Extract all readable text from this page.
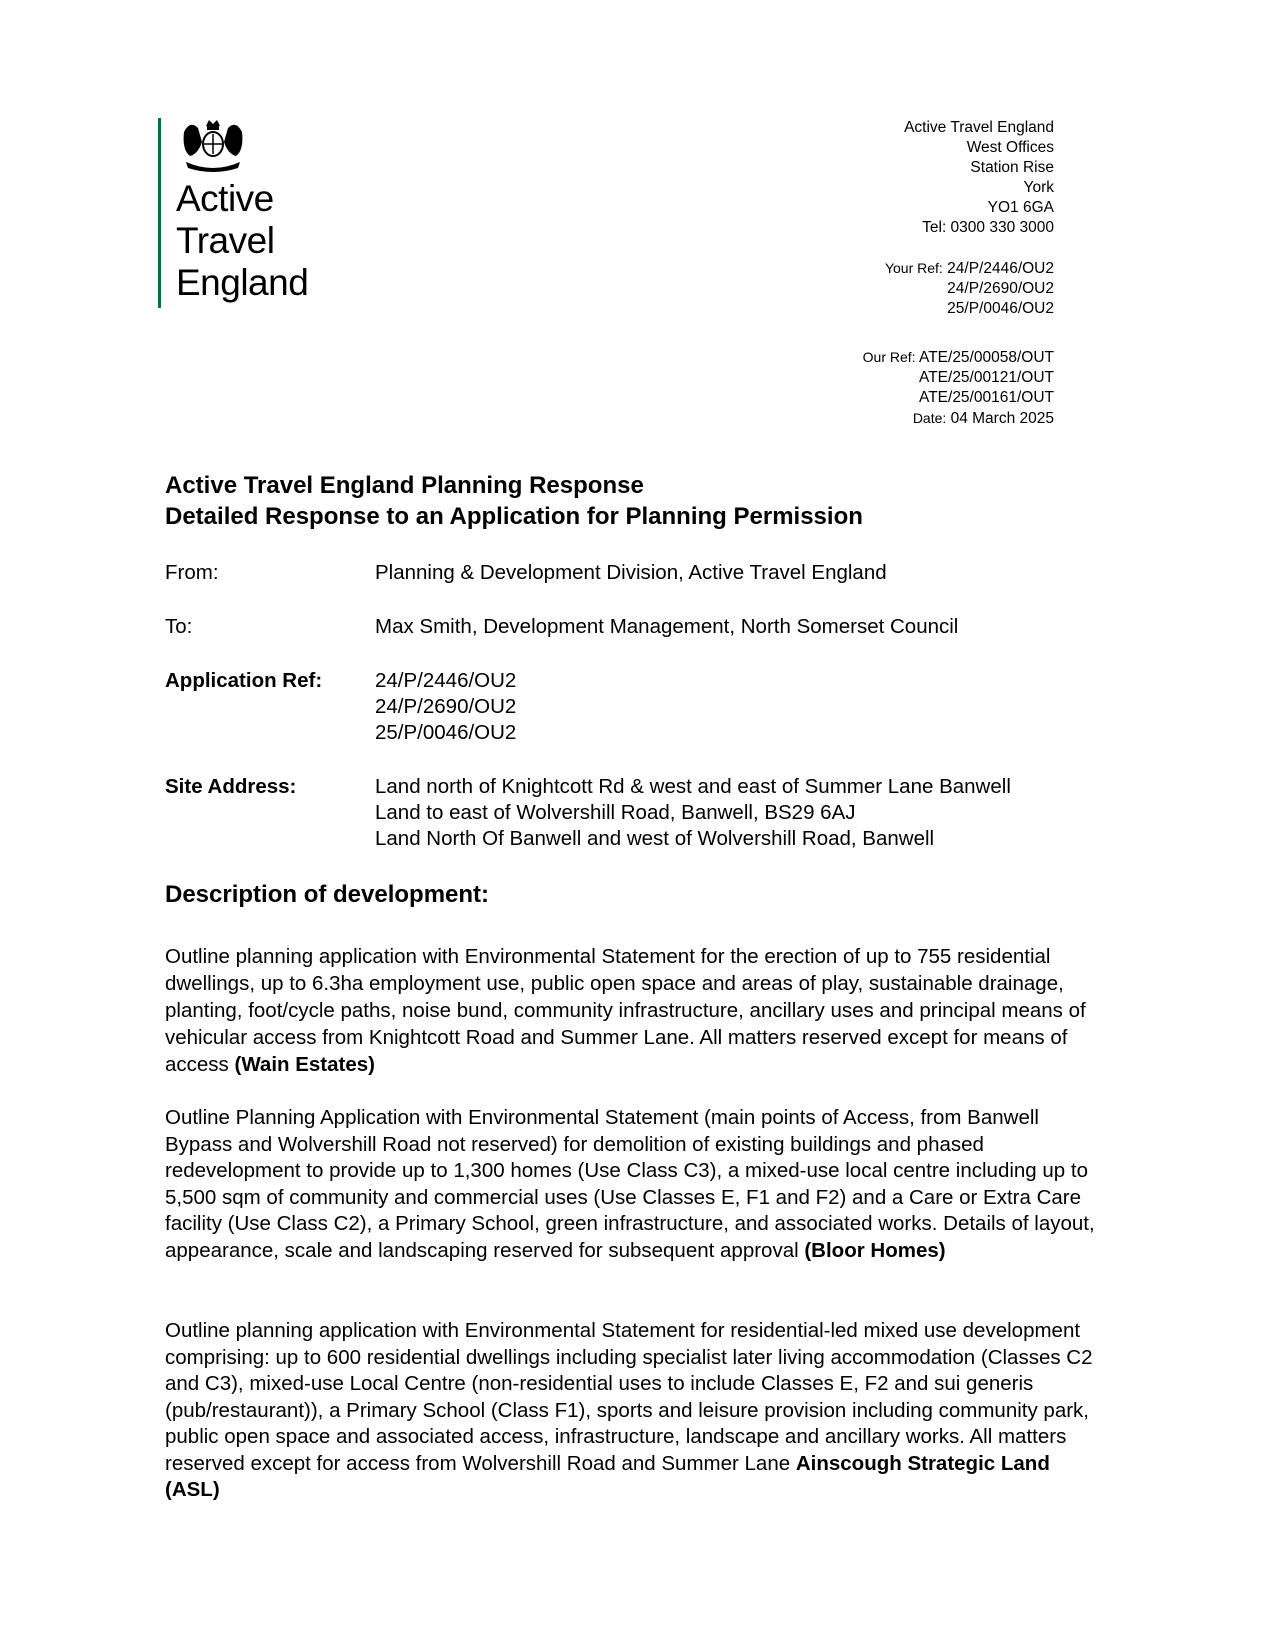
Active
Travel
England
Active Travel England
West Offices
Station Rise
York
YO1 6GA
Tel: 0300 330 3000
Your Ref: 24/P/2446/OU2
24/P/2690/OU2
25/P/0046/OU2
Our Ref: ATE/25/00058/OUT
ATE/25/00121/OUT
ATE/25/00161/OUT
Date: 04 March 2025
Active Travel England Planning Response
Detailed Response to an Application for Planning Permission
From:	Planning & Development Division, Active Travel England
To:	Max Smith, Development Management, North Somerset Council
Application Ref:	24/P/2446/OU2
24/P/2690/OU2
25/P/0046/OU2
Site Address:	Land north of Knightcott Rd & west and east of Summer Lane Banwell
Land to east of Wolvershill Road, Banwell, BS29 6AJ
Land North Of Banwell and west of Wolvershill Road, Banwell
Description of development:
Outline planning application with Environmental Statement for the erection of up to 755 residential dwellings, up to 6.3ha employment use, public open space and areas of play, sustainable drainage, planting, foot/cycle paths, noise bund, community infrastructure, ancillary uses and principal means of vehicular access from Knightcott Road and Summer Lane. All matters reserved except for means of access (Wain Estates)
Outline Planning Application with Environmental Statement (main points of Access, from Banwell Bypass and Wolvershill Road not reserved) for demolition of existing buildings and phased redevelopment to provide up to 1,300 homes (Use Class C3), a mixed-use local centre including up to 5,500 sqm of community and commercial uses (Use Classes E, F1 and F2) and a Care or Extra Care facility (Use Class C2), a Primary School, green infrastructure, and associated works. Details of layout, appearance, scale and landscaping reserved for subsequent approval (Bloor Homes)
Outline planning application with Environmental Statement for residential-led mixed use development comprising: up to 600 residential dwellings including specialist later living accommodation (Classes C2 and C3), mixed-use Local Centre (non-residential uses to include Classes E, F2 and sui generis (pub/restaurant)), a Primary School (Class F1), sports and leisure provision including community park, public open space and associated access, infrastructure, landscape and ancillary works. All matters reserved except for access from Wolvershill Road and Summer Lane Ainscough Strategic Land (ASL)
